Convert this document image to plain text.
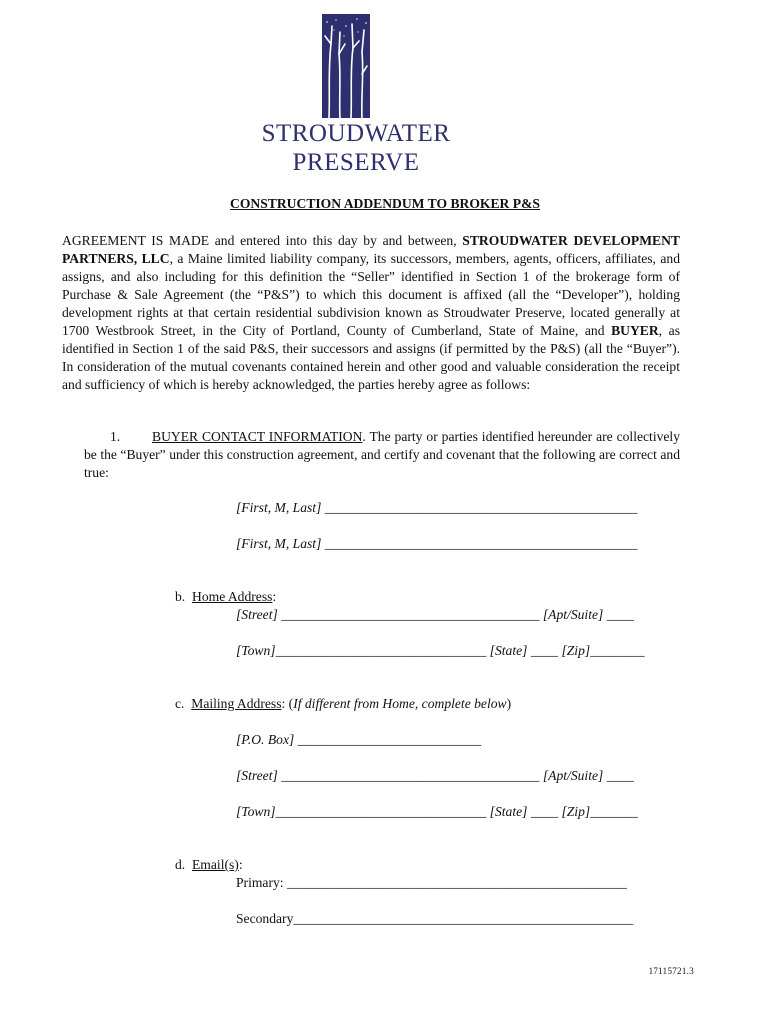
STROUDWATER
PRESERVE
CONSTRUCTION ADDENDUM TO BROKER P&S
AGREEMENT IS MADE and entered into this day by and between, STROUDWATER DEVELOPMENT PARTNERS, LLC, a Maine limited liability company, its successors, members, agents, officers, affiliates, and assigns, and also including for this definition the “Seller” identified in Section 1 of the brokerage form of Purchase & Sale Agreement (the “P&S”) to which this document is affixed (all the “Developer”), holding development rights at that certain residential subdivision known as Stroudwater Preserve, located generally at 1700 Westbrook Street, in the City of Portland, County of Cumberland, State of Maine, and BUYER, as identified in Section 1 of the said P&S, their successors and assigns (if permitted by the P&S) (all the “Buyer”). In consideration of the mutual covenants contained herein and other good and valuable consideration the receipt and sufficiency of which is hereby acknowledged, the parties hereby agree as follows:
1. BUYER CONTACT INFORMATION. The party or parties identified hereunder are collectively be the “Buyer” under this construction agreement, and certify and covenant that the following are correct and true:
[First, M, Last] ______________________________________________
[First, M, Last] ______________________________________________
b. Home Address:
[Street] ______________________________________ [Apt/Suite] ____
[Town]_______________________________ [State] ____ [Zip]________
c. Mailing Address: (If different from Home, complete below)
[P.O. Box] ___________________________
[Street] ______________________________________ [Apt/Suite] ____
[Town]_______________________________ [State] ____ [Zip]_______
d. Email(s):
Primary: __________________________________________________
Secondary__________________________________________________
17115721.3
